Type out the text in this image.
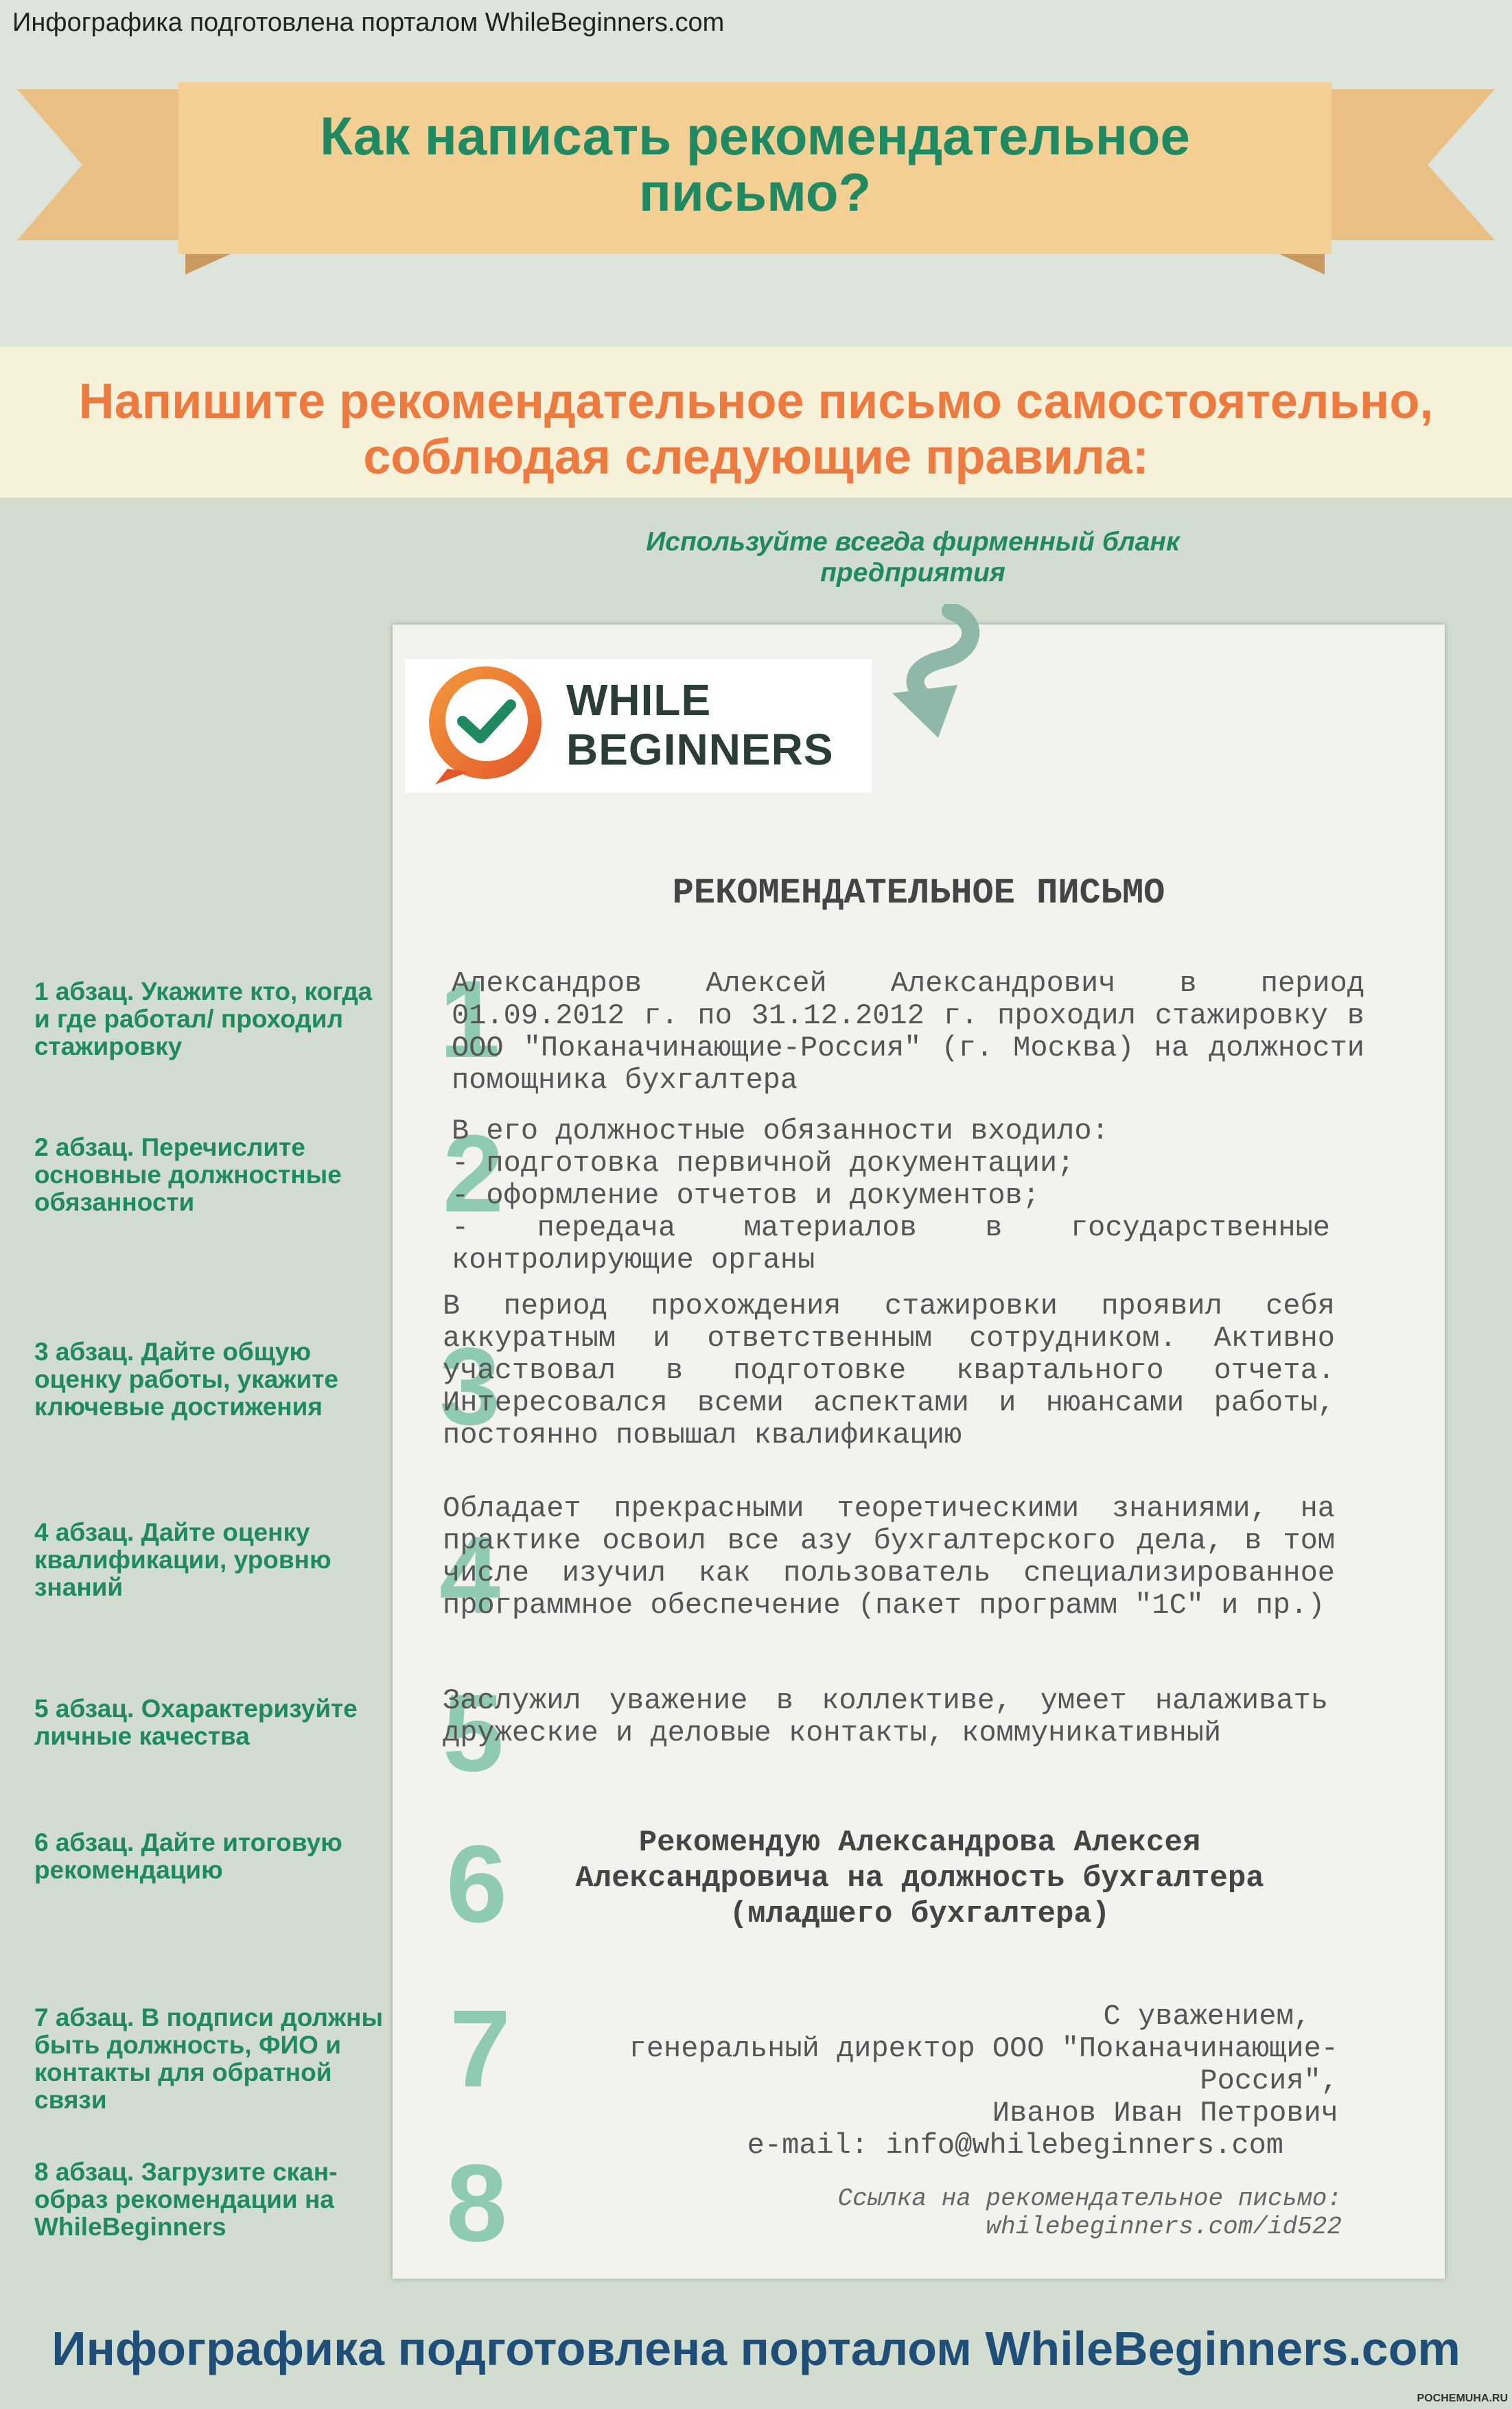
Инфографика подготовлена порталом WhileBeginners.com
Как написать рекомендательное
письмо?
Напишите рекомендательное письмо самостоятельно,
соблюдая следующие правила:
Используйте всегда фирменный бланк
предприятия
WHILE
BEGINNERS
РЕКОМЕНДАТЕЛЬНОЕ ПИСЬМО
1
2
3
4
5
6
7
8
Александров Алексей Александрович в период 01.09.2012 г. по 31.12.2012 г. проходил стажировку в ООО "Поканачинающие-Россия" (г. Москва) на должности помощника бухгалтера
В его должностные обязанности входило:
- подготовка первичной документации;
- оформление отчетов и документов;
- передача материалов в государственные контролирующие органы
В период прохождения стажировки проявил себя аккуратным и ответственным сотрудником. Активно участвовал в подготовке квартального отчета. Интересовался всеми аспектами и нюансами работы, постоянно повышал квалификацию
Обладает прекрасными теоретическими знаниями, на практике освоил все азу бухгалтерского дела, в том числе изучил как пользователь специализированное программное обеспечение (пакет программ "1С" и пр.)
Заслужил уважение в коллективе, умеет налаживать дружеские и деловые контакты, коммуникативный
Рекомендую Александрова Алексея
Александровича на должность бухгалтера
(младшего бухгалтера)
С уважением,
генеральный директор ООО "Поканачинающие-
Россия",
Иванов Иван Петрович
e-mail: info@whilebeginners.com
Ссылка на рекомендательное письмо:
whilebeginners.com/id522
1 абзац. Укажите кто, когда и где работал/ проходил стажировку
2 абзац. Перечислите основные должностные обязанности
3 абзац. Дайте общую оценку работы, укажите ключевые достижения
4 абзац. Дайте оценку квалификации, уровню знаний
5 абзац. Охарактеризуйте личные качества
6 абзац. Дайте итоговую рекомендацию
7 абзац. В подписи должны быть должность, ФИО и контакты для обратной связи
8 абзац. Загрузите скан-образ рекомендации на WhileBeginners
Инфографика подготовлена порталом WhileBeginners.com
POCHEMUHA.RU
